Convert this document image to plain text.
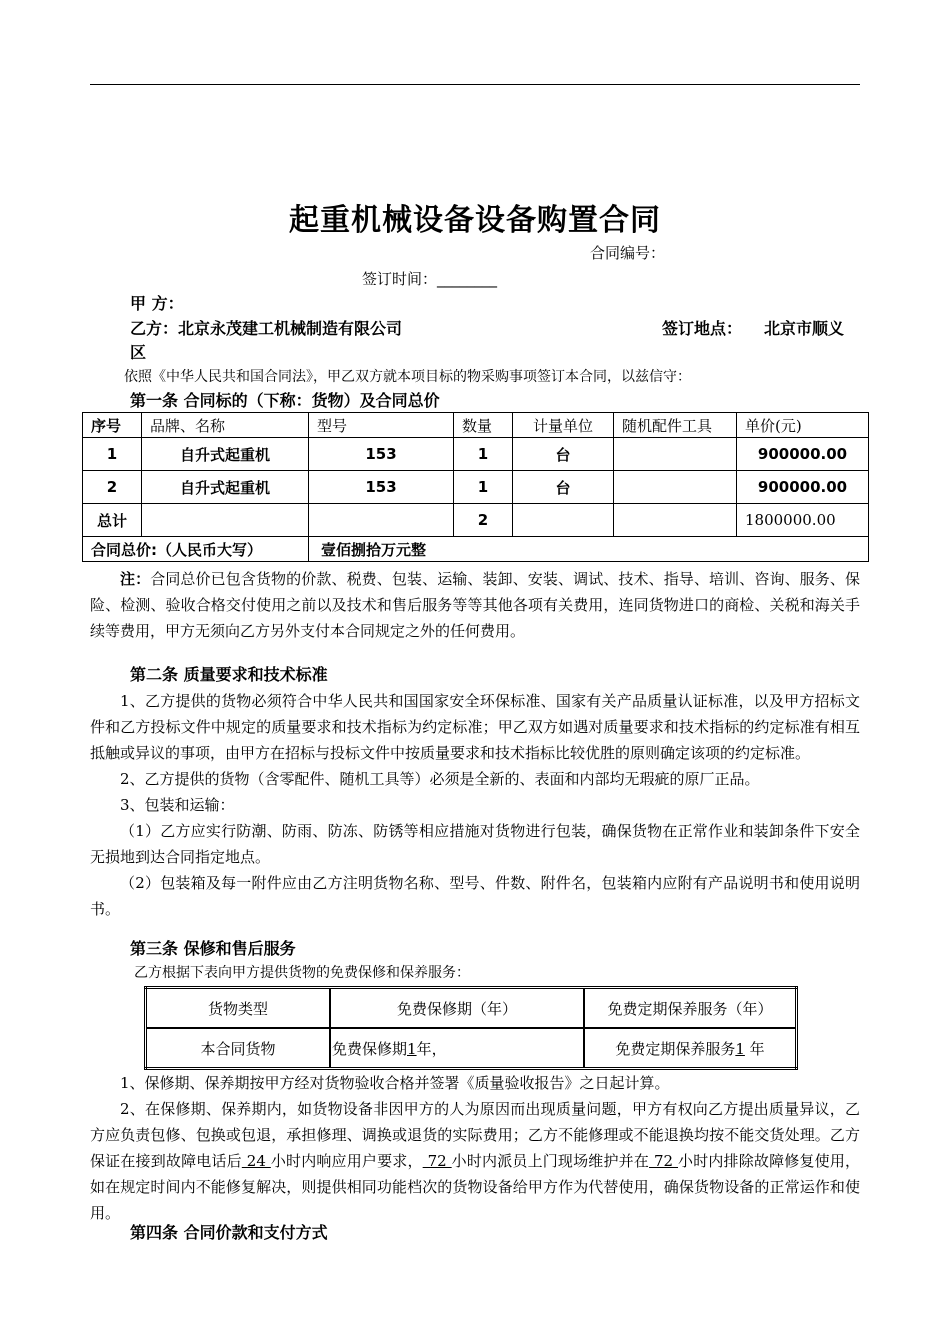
起重机械设备设备购置合同
合同编号：
签订时间：________
甲 方：
乙方：北京永茂建工机械制造有限公司	签订地点： 北京市顺义
区
依照《中华人民共和国合同法》，甲乙双方就本项目标的物采购事项签订本合同，以兹信守：
第一条 合同标的（下称：货物）及合同总价
序号	品牌、名称	型号	数量	计量单位	随机配件工具	单价(元)
1	自升式起重机	153	1	台		900000.00
2	自升式起重机	153	1	台		900000.00
总计			2			1800000.00
合同总价:（人民币大写）		壹佰捌拾万元整				

注：合同总价已包含货物的价款、税费、包装、运输、装卸、安装、调试、技术、指导、培训、咨询、服务、保险、检测、验收合格交付使用之前以及技术和售后服务等等其他各项有关费用，连同货物进口的商检、关税和海关手续等费用，甲方无须向乙方另外支付本合同规定之外的任何费用。

第二条 质量要求和技术标准

1、乙方提供的货物必须符合中华人民共和国国家安全环保标准、国家有关产品质量认证标准，以及甲方招标文件和乙方投标文件中规定的质量要求和技术指标为约定标准；甲乙双方如遇对质量要求和技术指标的约定标准有相互抵触或异议的事项，由甲方在招标与投标文件中按质量要求和技术指标比较优胜的原则确定该项的约定标准。

2、乙方提供的货物（含零配件、随机工具等）必须是全新的、表面和内部均无瑕疵的原厂正品。

3、包装和运输：

（1）乙方应实行防潮、防雨、防冻、防锈等相应措施对货物进行包装，确保货物在正常作业和装卸条件下安全无损地到达合同指定地点。

（2）包装箱及每一附件应由乙方注明货物名称、型号、件数、附件名，包装箱内应附有产品说明书和使用说明书。

第三条 保修和售后服务
乙方根据下表向甲方提供货物的免费保修和保养服务：
货物类型	免费保修期（年）	免费定期保养服务（年）
本合同货物	免费保修期1年，	免费定期保养服务1 年

1、保修期、保养期按甲方经对货物验收合格并签署《质量验收报告》之日起计算。

2、在保修期、保养期内，如货物设备非因甲方的人为原因而出现质量问题，甲方有权向乙方提出质量异议，乙方应负责包修、包换或包退，承担修理、调换或退货的实际费用；乙方不能修理或不能退换均按不能交货处理。乙方保证在接到故障电话后 24 小时内响应用户要求， 72 小时内派员上门现场维护并在 72 小时内排除故障修复使用，如在规定时间内不能修复解决，则提供相同功能档次的货物设备给甲方作为代替使用，确保货物设备的正常运作和使用。

第四条 合同价款和支付方式
